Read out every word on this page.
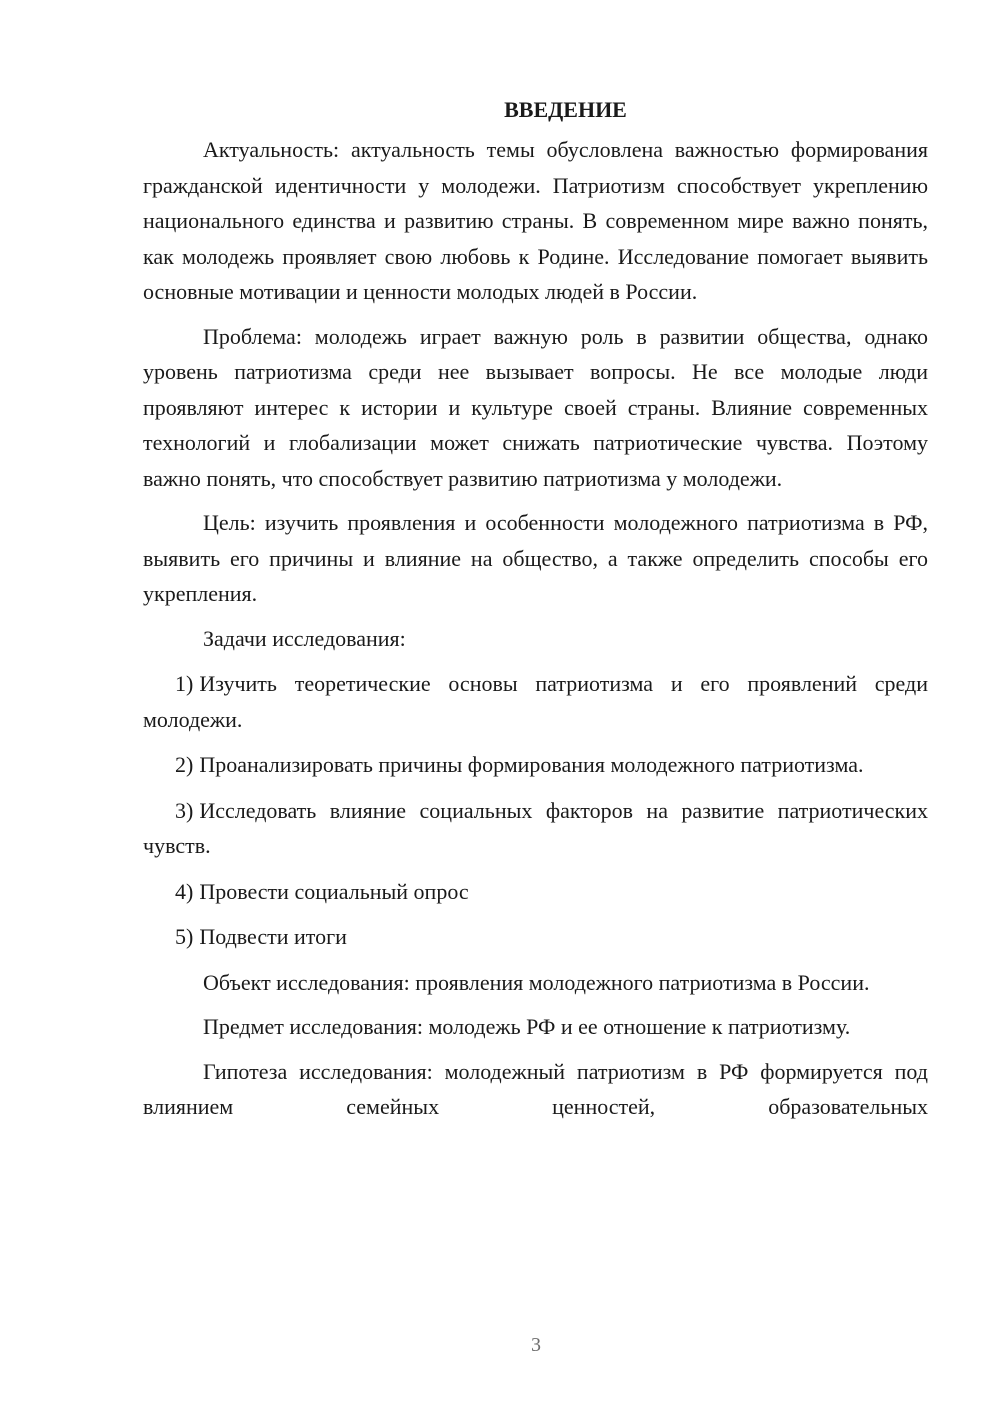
ВВЕДЕНИЕ

Актуальность: актуальность темы обусловлена важностью формирования гражданской идентичности у молодежи. Патриотизм способствует укреплению национального единства и развитию страны. В современном мире важно понять, как молодежь проявляет свою любовь к Родине. Исследование помогает выявить основные мотивации и ценности молодых людей в России.

Проблема: молодежь играет важную роль в развитии общества, однако уровень патриотизма среди нее вызывает вопросы. Не все молодые люди проявляют интерес к истории и культуре своей страны. Влияние современных технологий и глобализации может снижать патриотические чувства. Поэтому важно понять, что способствует развитию патриотизма у молодежи.

Цель: изучить проявления и особенности молодежного патриотизма в РФ, выявить его причины и влияние на общество, а также определить способы его укрепления.

Задачи исследования:

1) Изучить теоретические основы патриотизма и его проявлений среди молодежи.

2) Проанализировать причины формирования молодежного патриотизма.

3) Исследовать влияние социальных факторов на развитие патриотических чувств.

4) Провести социальный опрос

5) Подвести итоги

Объект исследования: проявления молодежного патриотизма в России.

Предмет исследования: молодежь РФ и ее отношение к патриотизму.

Гипотеза исследования: молодежный патриотизм в РФ формируется под влиянием семейных ценностей, образовательных

3
